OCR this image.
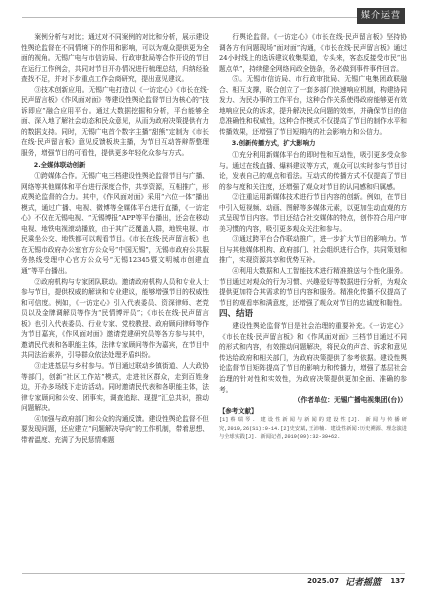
媒介运营

案例分析与对比；通过对不同案例的对比和分析，展示建设性舆论监督在不同情境下的作用和影响，可以为观众提供更为全面的视角。无锡广电与市信访局、行政审批局等合作开设的节目在运行工作例会，共同对节目开办情况进行梳理总结，归纳经验查找不足，并对下步重点工作会商研究，提出意见建议。

③技术创新应用。无锡广电打造以《一访定心》《市长在线·民声留言板》《作风面对面》等建设性舆论监督节目为核心的“技诉即应”融合应用平台。通过大数据挖掘和分析，平台能够全面、深入地了解社会动态和民众意见，从而为政府决策提供有力的数据支持。同时，无锡广电首个数字主播“甜熊”定制为《市长在线·民声留言板》意见反馈板块主播，为节目互动答辩帮整理服务，增强节目的可看性，提供更多年轻化众参与方式。

2.全媒体联动创新

①跨媒体合作。无锡广电三档建设性舆论监督节目与广播、网络等其他媒体和平台进行深度合作，共享资源，互相推广，形成舆论监督的合力。其中，《作风面对面》采用“六位一体”播出模式，通过广播、电视、微博等全媒体平台进行直播，《一访定心》不仅在无锡电视、“无锡博报”APP等平台播出，还会在移动电视、地铁电视滚动播放，由于其广泛覆盖人群，地铁电视、市民乘坐公交、地铁都可以观看节目。《市长在线·民声留言板》也在无锡市政府办公室官方公众号“中国无锡”，无锡市政府公共服务热线受理中心官方公众号“无锡12345暨文明城市创建直通”等平台播出。

②政府机构与专家团队联动。邀请政府机构人员和专业人士参与节目，提供权威的解读和专业建议，能够增强节目的权威性和可信度。例如，《一访定心》引入代表委员、资深律师、老党员以及金牌调解员等作为“民情博评员”；《市长在线·民声留言板》也引入代表委员、行业专家、党校教授、政府顾问律师等作为节目嘉宾，《作风面对面》邀请党建研究员等各方参与其中，邀请民代表和各职能主体，法律专家顾问等作为嘉宾，在节目中共同法治素养，引导群众依法处理矛盾纠纷。

③走进基层与乡村参与。节目通过联动乡镇街道、人大政协等部门，创新“社区工作站”模式，走进社区群众，走到百姓身边，开办多场线下走访活动。同时邀请民代表和各职能主体，法律专家顾问和公安、团事实，调查追踪、现提”汇总共识，推动问题解决。

④加强与政府部门和公众的沟通反馈。建设性舆论监督不但要发现问题，还应建立“问题解决导向”的工作机制，带着思想、带着温度、充满了为民惩情难题

行舆论监督。《一访定心》《市长在线·民声留言板》坚持协调各方有问题现场“面对面”沟通，《市长在线·民声留言板》通过24小时线上的选诉建议收集渠道，专头来，客态反接受市民“出题点单”，持续健全网络问政全链条，务必做到事件事件回音。

⑤。无锡市信访局、市行政审批局、无锡广电集团政联融合、相互支撑，联合创立了一套多部门快速响应机制，构建协同发力、为民办事的工作平台，这种合作关系使得政府能够更有效地响应民众的诉求，提升解决民众问题的效率，并确保节目的信息准确性和权威性，这种合作模式不仅提高了节目的制作水平和传播效果，还增强了节目短期内的社会影响力和公信力。

3.创新传播方式，扩大影响力

①充分利用新媒体平台的即时性和互动性，吸引更多受众参与。通过在线直播、爆料建议等方式，观众可以实时参与节目讨论，发表自己的观点和看法。互动式的传播方式不仅提高了节目的参与度和关注度，还增强了观众对节目的认同感和归属感。

②注重运用新媒体技术进行节目内容的创新。例如，在节目中引入短视频、动画、图解等多媒体元素，以更加生动直观的方式呈现节目内容。节目还结合社交媒体的特点，创作符合用户审美习惯的内容，吸引更多观众关注和参与。

③通过跨平台合作联动推广，进一步扩大节目的影响力。节目与其他媒体机构、政府部门、社会组织进行合作，共同策划和推广，实现资源共享和优势互补。

④利用大数据和人工智能技术进行精准推送与个性化服务。节目通过对观众的行为习惯、兴趣爱好等数据进行分析，为观众提供更加符合其需求的节目内容和服务。精准化传播不仅提高了节目的观看率和满意度，还增强了观众对节目的忠诚度和黏性。

四、结语

建设性舆论监督节目是社会治理的重要补充。《一访定心》《市长在线·民声留言板》和《作风面对面》三档节目通过不同的形式和内容，有效推动问题解决，将民众的声音、诉求和意见传达给政府和相关部门，为政府决策提供了参考依据。建设性舆论监督节目矩阵提高了节目的影响力和传播力，增强了基层社会治理的针对性和实效性，为政府决策提供更加全面、准确的参考。

（作者单位：无锡广播电视集团(台)）

【参考文献】

[1]蔡瑞琴. 建设性新闻与新闻的建设性[J]. 新闻与传播研究,2019,26(S1):9-14.[2]史安斌,王沛楠. 建设性新闻:历史溯源、理念演进与全球实践[J]. 新闻记者,2019(09):32-39+62.

2025.07 记者摇篮 137
